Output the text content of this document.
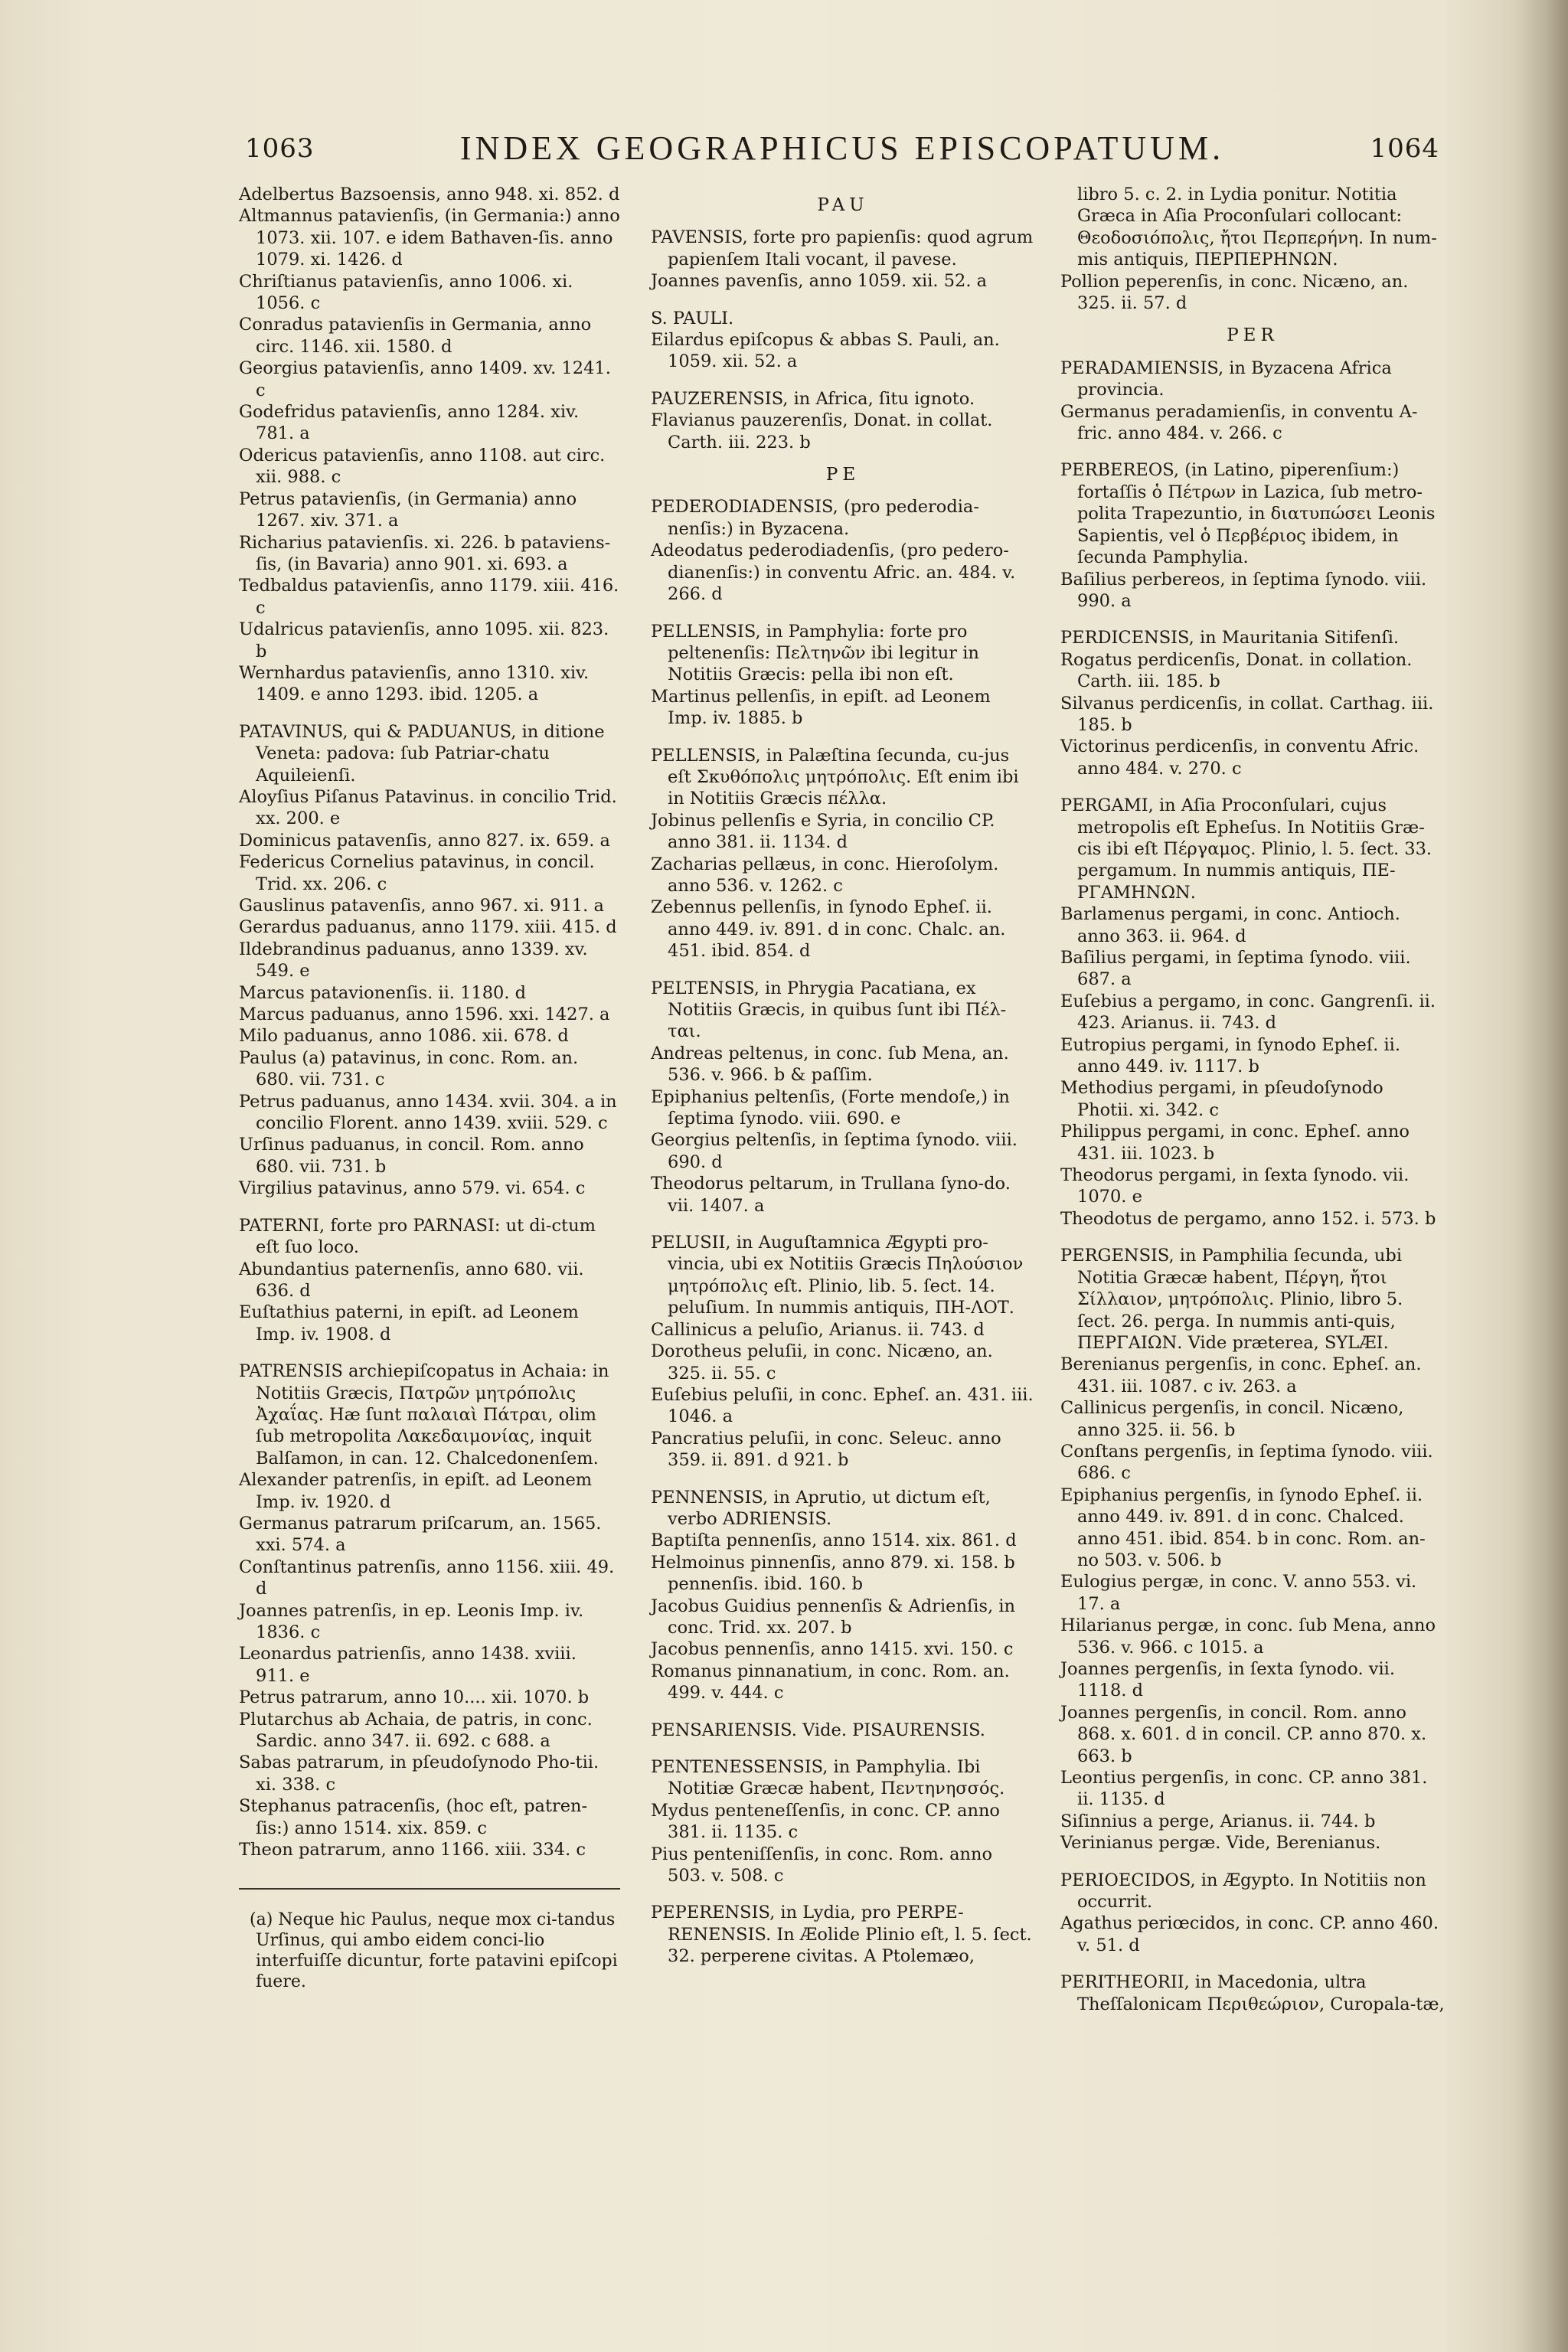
1063	INDEX GEOGRAPHICUS EPISCOPATUUM.	1064

Adelbertus Bazsoensis, anno 948. xi. 852. d

Altmannus patavienſis, (in Germania:) anno 1073. xii. 107. e idem Bathaven-ſis. anno 1079. xi. 1426. d

Chriſtianus patavienſis, anno 1006. xi. 1056. c

Conradus patavienſis in Germania, anno circ. 1146. xii. 1580. d

Georgius patavienſis, anno 1409. xv. 1241. c

Godefridus patavienſis, anno 1284. xiv. 781. a

Odericus patavienſis, anno 1108. aut circ. xii. 988. c

Petrus patavienſis, (in Germania) anno 1267. xiv. 371. a

Richarius patavienſis. xi. 226. b pataviens-ſis, (in Bavaria) anno 901. xi. 693. a

Tedbaldus patavienſis, anno 1179. xiii. 416. c

Udalricus patavienſis, anno 1095. xii. 823. b

Wernhardus patavienſis, anno 1310. xiv. 1409. e anno 1293. ibid. 1205. a

PATAVINUS, qui & PADUANUS, in ditione Veneta: padova: ſub Patriar-chatu Aquileienſi.

Aloyſius Piſanus Patavinus. in concilio Trid. xx. 200. e

Dominicus patavenſis, anno 827. ix. 659. a

Federicus Cornelius patavinus, in concil. Trid. xx. 206. c

Gauslinus patavenſis, anno 967. xi. 911. a

Gerardus paduanus, anno 1179. xiii. 415. d

Ildebrandinus paduanus, anno 1339. xv. 549. e

Marcus patavionenſis. ii. 1180. d

Marcus paduanus, anno 1596. xxi. 1427. a

Milo paduanus, anno 1086. xii. 678. d

Paulus (a) patavinus, in conc. Rom. an. 680. vii. 731. c

Petrus paduanus, anno 1434. xvii. 304. a in concilio Florent. anno 1439. xviii. 529. c

Urſinus paduanus, in concil. Rom. anno 680. vii. 731. b

Virgilius patavinus, anno 579. vi. 654. c

PATERNI, forte pro PARNASI: ut di-ctum eſt ſuo loco.

Abundantius paternenſis, anno 680. vii. 636. d

Euſtathius paterni, in epiſt. ad Leonem Imp. iv. 1908. d

PATRENSIS archiepiſcopatus in Achaia: in Notitiis Græcis, Πατρῶν μητρόπολις Ἀχαΐας. Hæ ſunt παλαιαὶ Πάτραι, olim ſub metropolita Λακεδαιμονίας, inquit Balſamon, in can. 12. Chalcedonenſem.

Alexander patrenſis, in epiſt. ad Leonem Imp. iv. 1920. d

Germanus patrarum priſcarum, an. 1565. xxi. 574. a

Conſtantinus patrenſis, anno 1156. xiii. 49. d

Joannes patrenſis, in ep. Leonis Imp. iv. 1836. c

Leonardus patrienſis, anno 1438. xviii. 911. e

Petrus patrarum, anno 10.... xii. 1070. b

Plutarchus ab Achaia, de patris, in conc. Sardic. anno 347. ii. 692. c 688. a

Sabas patrarum, in pſeudoſynodo Pho-tii. xi. 338. c

Stephanus patracenſis, (hoc eſt, patren-ſis:) anno 1514. xix. 859. c

Theon patrarum, anno 1166. xiii. 334. c

(a) Neque hic Paulus, neque mox ci-tandus Urſinus, qui ambo eidem conci-lio interfuiſſe dicuntur, forte patavini epiſcopi fuere.

PAU

PAVENSIS, forte pro papienſis: quod agrum papienſem Itali vocant, il pavese.

Joannes pavenſis, anno 1059. xii. 52. a

S. PAULI.

Eilardus epiſcopus & abbas S. Pauli, an. 1059. xii. 52. a

PAUZERENSIS, in Africa, ſitu ignoto.

Flavianus pauzerenſis, Donat. in collat. Carth. iii. 223. b

PE

PEDERODIADENSIS, (pro pederodia-nenſis:) in Byzacena.

Adeodatus pederodiadenſis, (pro pedero-dianenſis:) in conventu Afric. an. 484. v. 266. d

PELLENSIS, in Pamphylia: forte pro peltenenſis: Πελτηνῶν ibi legitur in Notitiis Græcis: pella ibi non eſt.

Martinus pellenſis, in epiſt. ad Leonem Imp. iv. 1885. b

PELLENSIS, in Palæſtina ſecunda, cu-jus eſt Σκυθόπολις μητρόπολις. Eſt enim ibi in Notitiis Græcis πέλλα.

Jobinus pellenſis e Syria, in concilio CP. anno 381. ii. 1134. d

Zacharias pellæus, in conc. Hieroſolym. anno 536. v. 1262. c

Zebennus pellenſis, in ſynodo Epheſ. ii. anno 449. iv. 891. d in conc. Chalc. an. 451. ibid. 854. d

PELTENSIS, in Phrygia Pacatiana, ex Notitiis Græcis, in quibus ſunt ibi Πέλ-ται.

Andreas peltenus, in conc. ſub Mena, an. 536. v. 966. b & paſſim.

Epiphanius peltenſis, (Forte mendoſe,) in ſeptima ſynodo. viii. 690. e

Georgius peltenſis, in ſeptima ſynodo. viii. 690. d

Theodorus peltarum, in Trullana ſyno-do. vii. 1407. a

PELUSII, in Auguſtamnica Ægypti pro-vincia, ubi ex Notitiis Græcis Πηλούσιον μητρόπολις eſt. Plinio, lib. 5. ſect. 14. peluſium. In nummis antiquis, ΠΗ-ΛΟΤ.

Callinicus a peluſio, Arianus. ii. 743. d

Dorotheus peluſii, in conc. Nicæno, an. 325. ii. 55. c

Euſebius peluſii, in conc. Epheſ. an. 431. iii. 1046. a

Pancratius peluſii, in conc. Seleuc. anno 359. ii. 891. d 921. b

PENNENSIS, in Aprutio, ut dictum eſt, verbo ADRIENSIS.

Baptiſta pennenſis, anno 1514. xix. 861. d

Helmoinus pinnenſis, anno 879. xi. 158. b pennenſis. ibid. 160. b

Jacobus Guidius pennenſis & Adrienſis, in conc. Trid. xx. 207. b

Jacobus pennenſis, anno 1415. xvi. 150. c

Romanus pinnanatium, in conc. Rom. an. 499. v. 444. c

PENSARIENSIS. Vide. PISAURENSIS.

PENTENESSENSIS, in Pamphylia. Ibi Notitiæ Græcæ habent, Πεντηνησσός.

Mydus penteneſſenſis, in conc. CP. anno 381. ii. 1135. c

Pius penteniſſenſis, in conc. Rom. anno 503. v. 508. c

PEPERENSIS, in Lydia, pro PERPE-RENENSIS. In Æolide Plinio eſt, l. 5. ſect. 32. perperene civitas. A Ptolemæo,

libro 5. c. 2. in Lydia ponitur. Notitia Græca in Aſia Proconſulari collocant: Θεοδοσιόπολις, ἤτοι Περπερήνη. In num-mis antiquis, ΠΕΡΠΕΡΗΝΩΝ.

Pollion peperenſis, in conc. Nicæno, an. 325. ii. 57. d

PER

PERADAMIENSIS, in Byzacena Africa provincia.

Germanus peradamienſis, in conventu A-fric. anno 484. v. 266. c

PERBEREOS, (in Latino, piperenſium:) fortaſſis ὁ Πέτρων in Lazica, ſub metro-polita Trapezuntio, in διατυπώσει Leonis Sapientis, vel ὁ Περβέριος ibidem, in ſecunda Pamphylia.

Baſilius perbereos, in ſeptima ſynodo. viii. 990. a

PERDICENSIS, in Mauritania Sitifenſi.

Rogatus perdicenſis, Donat. in collation. Carth. iii. 185. b

Silvanus perdicenſis, in collat. Carthag. iii. 185. b

Victorinus perdicenſis, in conventu Afric. anno 484. v. 270. c

PERGAMI, in Aſia Proconſulari, cujus metropolis eſt Epheſus. In Notitiis Græ-cis ibi eſt Πέργαμος. Plinio, l. 5. ſect. 33. pergamum. In nummis antiquis, ΠΕ-ΡΓΑΜΗΝΩΝ.

Barlamenus pergami, in conc. Antioch. anno 363. ii. 964. d

Baſilius pergami, in ſeptima ſynodo. viii. 687. a

Euſebius a pergamo, in conc. Gangrenſi. ii. 423. Arianus. ii. 743. d

Eutropius pergami, in ſynodo Epheſ. ii. anno 449. iv. 1117. b

Methodius pergami, in pſeudoſynodo Photii. xi. 342. c

Philippus pergami, in conc. Epheſ. anno 431. iii. 1023. b

Theodorus pergami, in ſexta ſynodo. vii. 1070. e

Theodotus de pergamo, anno 152. i. 573. b

PERGENSIS, in Pamphilia ſecunda, ubi Notitia Græcæ habent, Πέργη, ἤτοι Σίλλαιον, μητρόπολις. Plinio, libro 5. ſect. 26. perga. In nummis anti-quis, ΠΕΡΓΑΙΩΝ. Vide præterea, SYLÆI.

Berenianus pergenſis, in conc. Epheſ. an. 431. iii. 1087. c iv. 263. a

Callinicus pergenſis, in concil. Nicæno, anno 325. ii. 56. b

Conſtans pergenſis, in ſeptima ſynodo. viii. 686. c

Epiphanius pergenſis, in ſynodo Epheſ. ii. anno 449. iv. 891. d in conc. Chalced. anno 451. ibid. 854. b in conc. Rom. an-no 503. v. 506. b

Eulogius pergæ, in conc. V. anno 553. vi. 17. a

Hilarianus pergæ, in conc. ſub Mena, anno 536. v. 966. c 1015. a

Joannes pergenſis, in ſexta ſynodo. vii. 1118. d

Joannes pergenſis, in concil. Rom. anno 868. x. 601. d in concil. CP. anno 870. x. 663. b

Leontius pergenſis, in conc. CP. anno 381. ii. 1135. d

Siſinnius a perge, Arianus. ii. 744. b

Verinianus pergæ. Vide, Berenianus.

PERIOECIDOS, in Ægypto. In Notitiis non occurrit.

Agathus periœcidos, in conc. CP. anno 460. v. 51. d

PERITHEORII, in Macedonia, ultra Theſſalonicam Περιθεώριον, Curopala-tæ,
